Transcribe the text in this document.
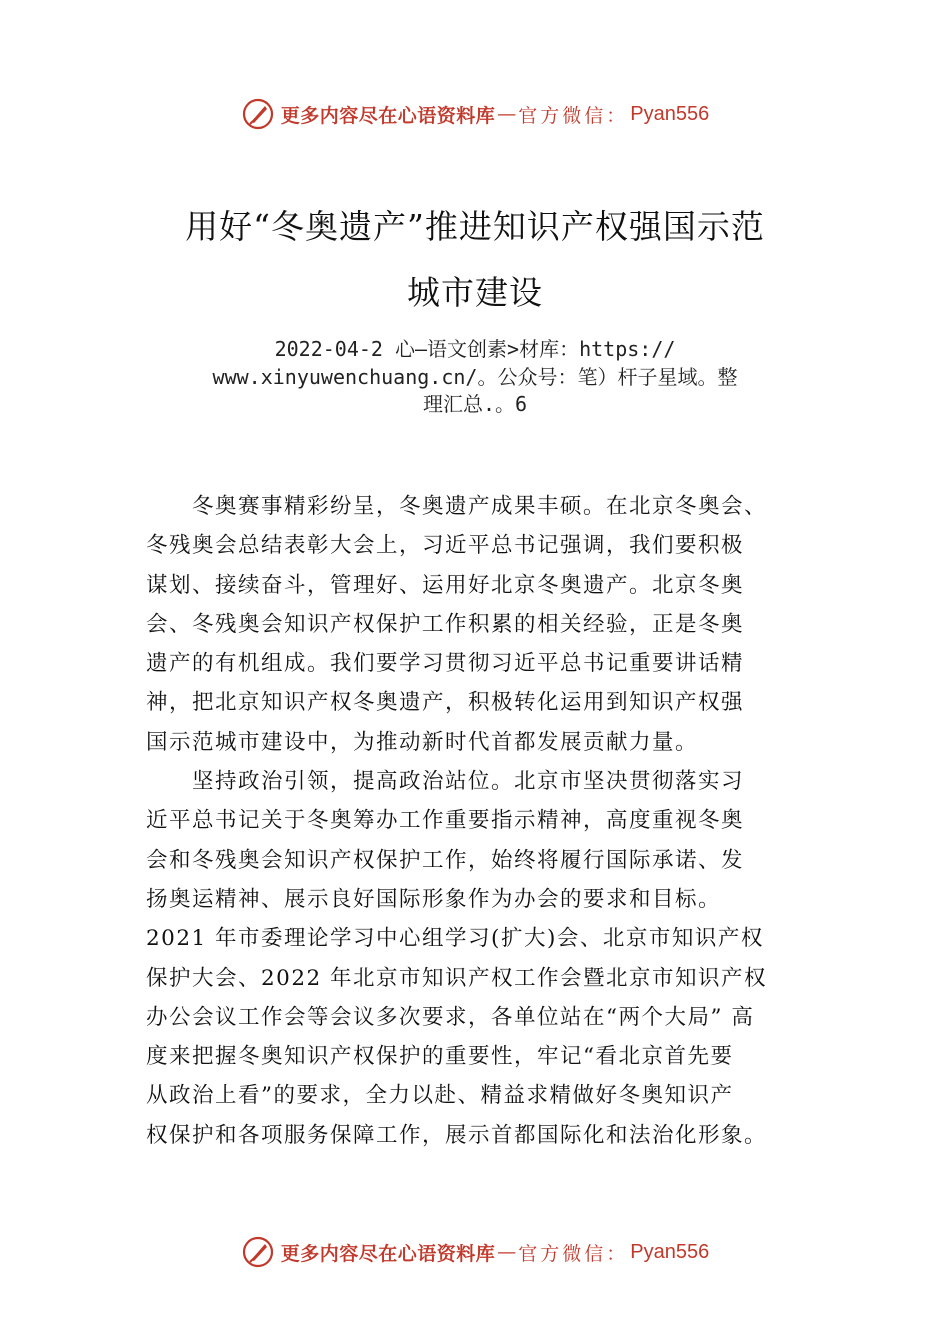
更多内容尽在心语资料库 — 官方微信： Pyan556
用好“冬奥遗产”推进知识产权强国示范
城市建设
2022-04-2 心—语文创素>材库：https://
www.xinyuwenchuang.cn/。公众号：笔）杆子星域。整
理汇总.。6
冬奥赛事精彩纷呈，冬奥遗产成果丰硕。在北京冬奥会、
冬残奥会总结表彰大会上，习近平总书记强调，我们要积极
谋划、接续奋斗，管理好、运用好北京冬奥遗产。北京冬奥
会、冬残奥会知识产权保护工作积累的相关经验，正是冬奥
遗产的有机组成。我们要学习贯彻习近平总书记重要讲话精
神，把北京知识产权冬奥遗产，积极转化运用到知识产权强
国示范城市建设中，为推动新时代首都发展贡献力量。
坚持政治引领，提高政治站位。北京市坚决贯彻落实习
近平总书记关于冬奥筹办工作重要指示精神，高度重视冬奥
会和冬残奥会知识产权保护工作，始终将履行国际承诺、发
扬奥运精神、展示良好国际形象作为办会的要求和目标。
2021 年市委理论学习中心组学习(扩大)会、北京市知识产权
保护大会、2022 年北京市知识产权工作会暨北京市知识产权
办公会议工作会等会议多次要求，各单位站在“两个大局” 高
度来把握冬奥知识产权保护的重要性，牢记“看北京首先要
从政治上看”的要求，全力以赴、精益求精做好冬奥知识产
权保护和各项服务保障工作，展示首都国际化和法治化形象。
更多内容尽在心语资料库 — 官方微信： Pyan556
